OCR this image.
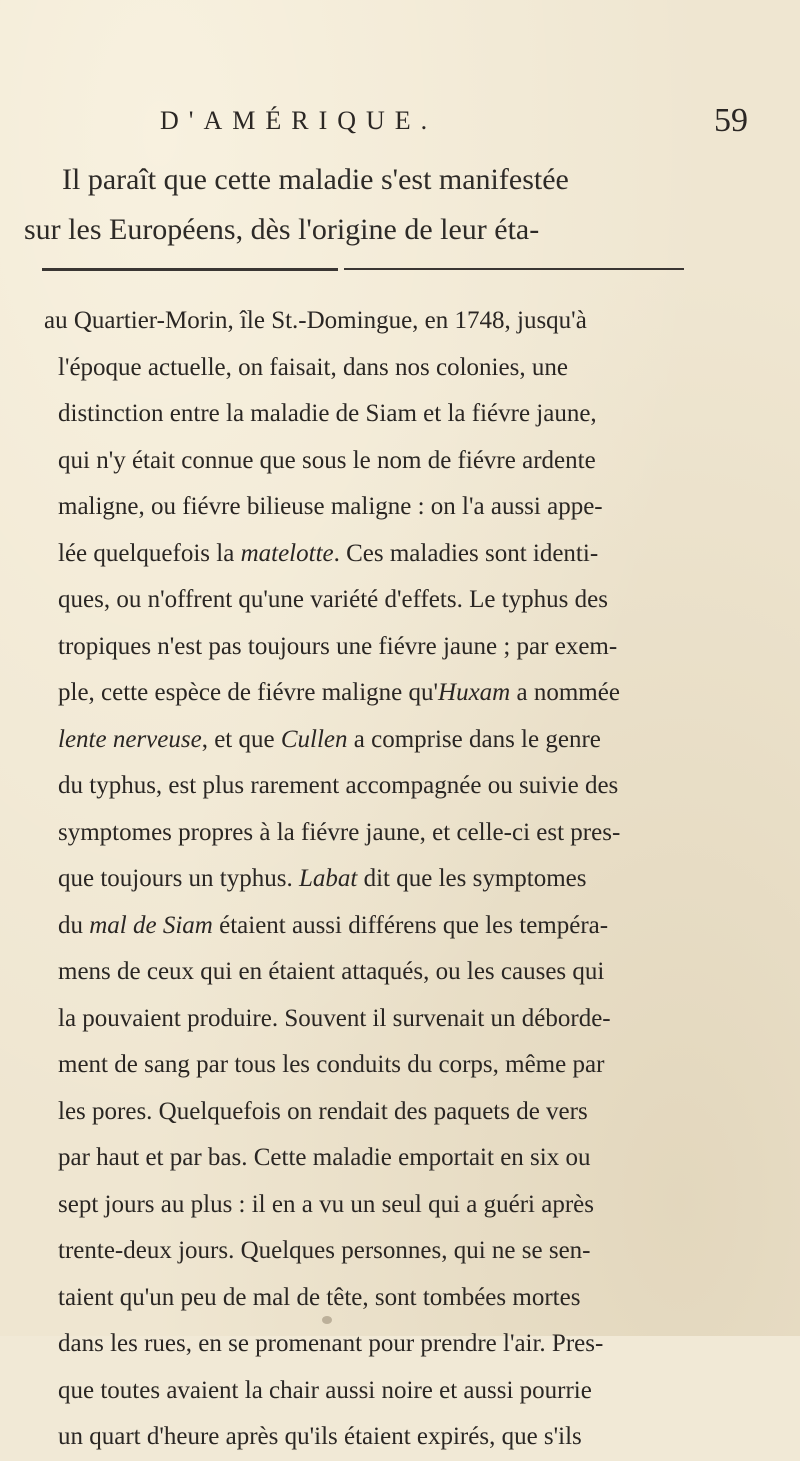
D'AMÉRIQUE.	59
Il paraît que cette maladie s'est manifestée
sur les Européens, dès l'origine de leur éta-
au Quartier-Morin, île St.-Domingue, en 1748, jusqu'à
l'époque actuelle, on faisait, dans nos colonies, une
distinction entre la maladie de Siam et la fiévre jaune,
qui n'y était connue que sous le nom de fiévre ardente
maligne, ou fiévre bilieuse maligne : on l'a aussi appe-
lée quelquefois la matelotte. Ces maladies sont identi-
ques, ou n'offrent qu'une variété d'effets. Le typhus des
tropiques n'est pas toujours une fiévre jaune ; par exem-
ple, cette espèce de fiévre maligne qu'Huxam a nommée
lente nerveuse, et que Cullen a comprise dans le genre
du typhus, est plus rarement accompagnée ou suivie des
symptomes propres à la fiévre jaune, et celle-ci est pres-
que toujours un typhus. Labat dit que les symptomes
du mal de Siam étaient aussi différens que les tempéra-
mens de ceux qui en étaient attaqués, ou les causes qui
la pouvaient produire. Souvent il survenait un déborde-
ment de sang par tous les conduits du corps, même par
les pores. Quelquefois on rendait des paquets de vers
par haut et par bas. Cette maladie emportait en six ou
sept jours au plus : il en a vu un seul qui a guéri après
trente-deux jours. Quelques personnes, qui ne se sen-
taient qu'un peu de mal de tête, sont tombées mortes
dans les rues, en se promenant pour prendre l'air. Pres-
que toutes avaient la chair aussi noire et aussi pourrie
un quart d'heure après qu'ils étaient expirés, que s'ils
